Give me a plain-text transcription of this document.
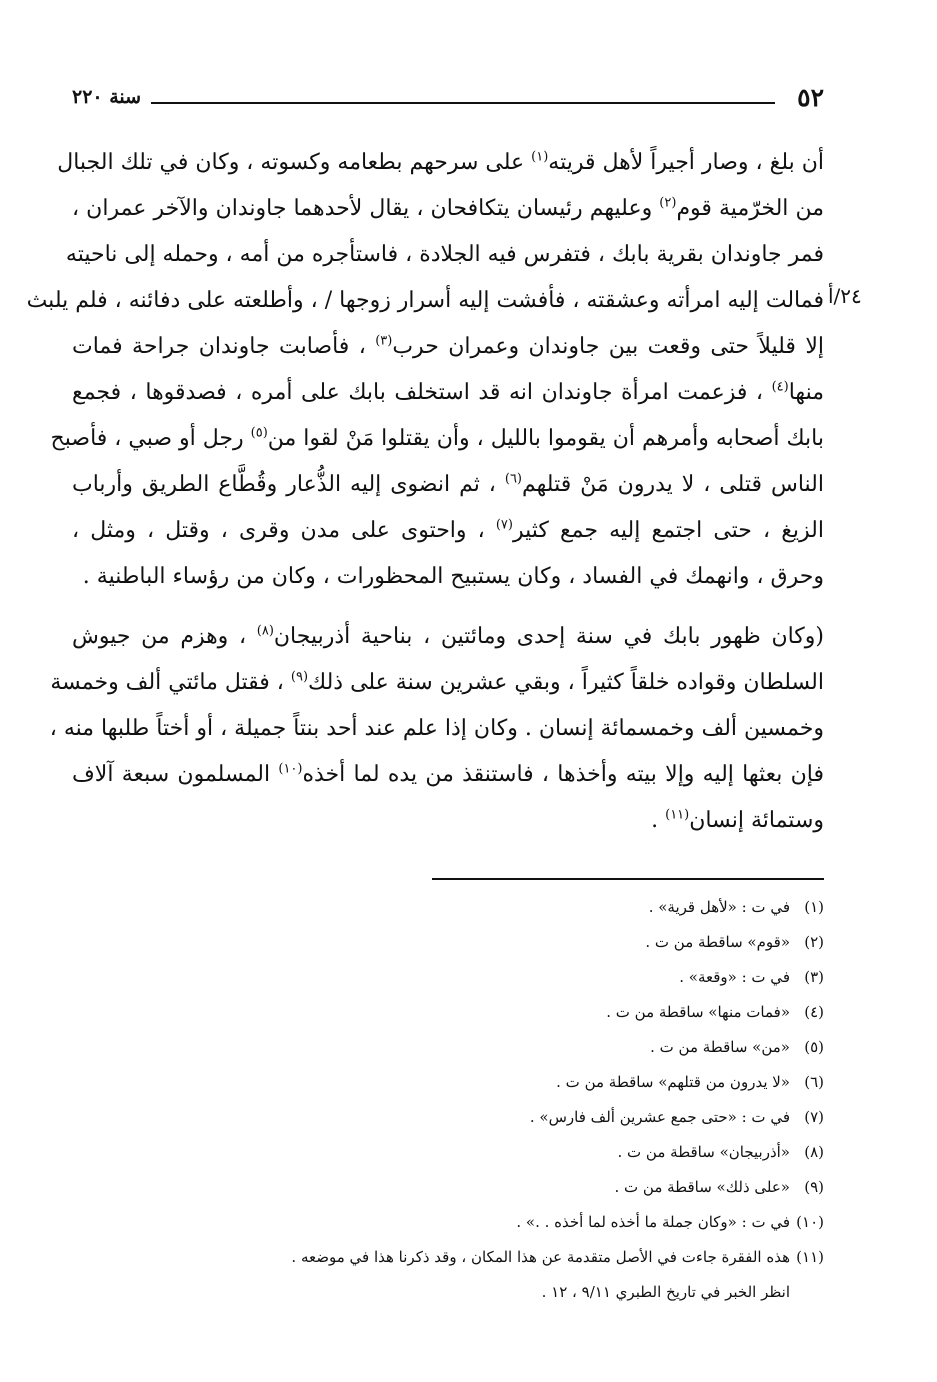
٥٢
سنة ٢٢٠
٢٤/أ
أن بلغ ، وصار أجيراً لأهل قريته$^{(١)}$ على سرحهم بطعامه وكسوته ، وكان في تلك الجبال
من الخرّمية قوم$^{(٢)}$ وعليهم رئيسان يتكافحان ، يقال لأحدهما جاوندان والآخر عمران ،
فمر جاوندان بقرية بابك ، فتفرس فيه الجلادة ، فاستأجره من أمه ، وحمله إلى ناحيته
فمالت إليه امرأته وعشقته ، فأفشت إليه أسرار زوجها / ، وأطلعته على دفائنه ، فلم يلبث
إلا قليلاً حتى وقعت بين جاوندان وعمران حرب$^{(٣)}$ ، فأصابت جاوندان جراحة فمات
منها$^{(٤)}$ ، فزعمت امرأة جاوندان انه قد استخلف بابك على أمره ، فصدقوها ، فجمع
بابك أصحابه وأمرهم أن يقوموا بالليل ، وأن يقتلوا مَنْ لقوا من$^{(٥)}$ رجل أو صبي ، فأصبح
الناس قتلى ، لا يدرون مَنْ قتلهم$^{(٦)}$ ، ثم انضوى إليه الذُّعار وقُطَّاع الطريق وأرباب
الزيغ ، حتى اجتمع إليه جمع كثير$^{(٧)}$ ، واحتوى على مدن وقرى ، وقتل ، ومثل ،
وحرق ، وانهمك في الفساد ، وكان يستبيح المحظورات ، وكان من رؤساء الباطنية .
(وكان ظهور بابك في سنة إحدى ومائتين ، بناحية أذربيجان$^{(٨)}$ ، وهزم من جيوش
السلطان وقواده خلقاً كثيراً ، وبقي عشرين سنة على ذلك$^{(٩)}$ ، فقتل مائتي ألف وخمسة
وخمسين ألف وخمسمائة إنسان . وكان إذا علم عند أحد بنتاً جميلة ، أو أختاً طلبها منه ،
فإن بعثها إليه وإلا بيته وأخذها ، فاستنقذ من يده لما أخذه$^{(١٠)}$ المسلمون سبعة آلاف
وستمائة إنسان$^{(١١)}$ .
(١)في ت : «لأهل قرية» .
(٢)«قوم» ساقطة من ت .
(٣)في ت : «وقعة» .
(٤)«فمات منها» ساقطة من ت .
(٥)«من» ساقطة من ت .
(٦)«لا يدرون من قتلهم» ساقطة من ت .
(٧)في ت : «حتى جمع عشرين ألف فارس» .
(٨)«أذربيجان» ساقطة من ت .
(٩)«على ذلك» ساقطة من ت .
(١٠)في ت : «وكان جملة ما أخذه لما أخذه . .» .
(١١)هذه الفقرة جاءت في الأصل متقدمة عن هذا المكان ، وقد ذكرنا هذا في موضعه .
انظر الخبر في تاريخ الطبري ٩/١١ ، ١٢ .
